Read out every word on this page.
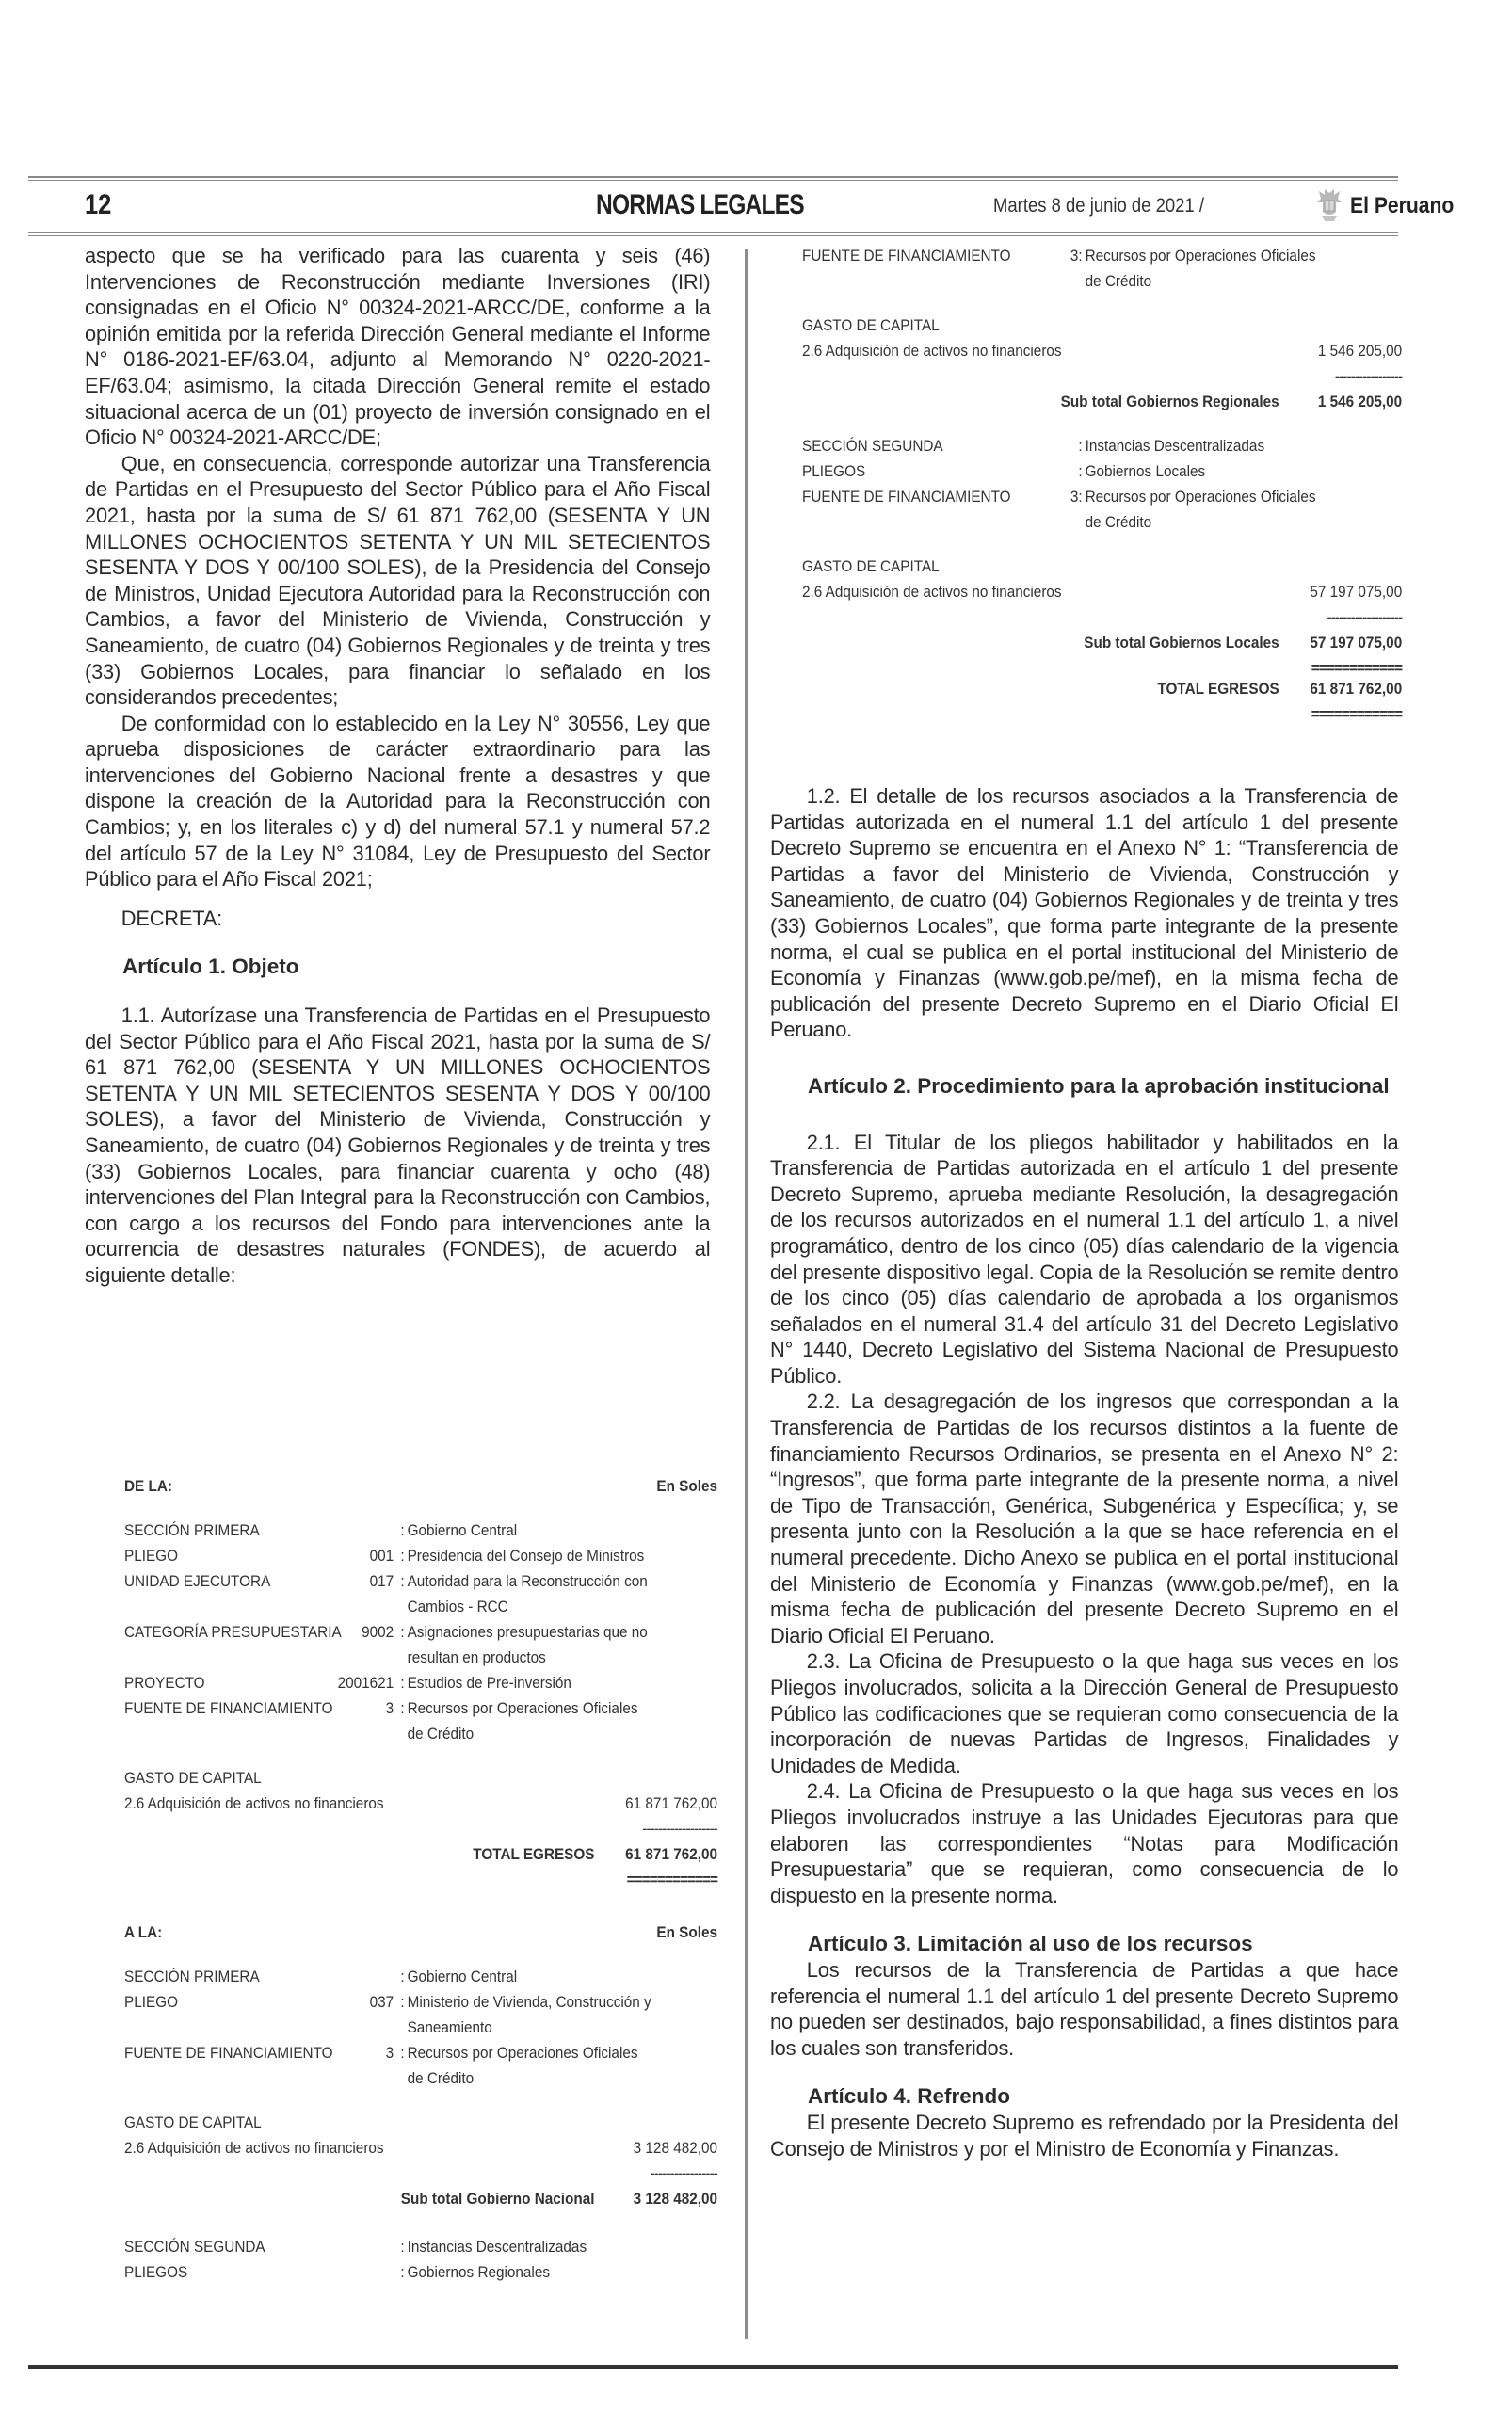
12	NORMAS LEGALES	Martes 8 de junio de 2021 /	El Peruano

aspecto que se ha verificado para las cuarenta y seis (46) Intervenciones de Reconstrucción mediante Inversiones (IRI) consignadas en el Oficio N° 00324-2021-ARCC/DE, conforme a la opinión emitida por la referida Dirección General mediante el Informe N° 0186-2021-EF/63.04, adjunto al Memorando N° 0220-2021-EF/63.04; asimismo, la citada Dirección General remite el estado situacional acerca de un (01) proyecto de inversión consignado en el Oficio N° 00324-2021-ARCC/DE;

Que, en consecuencia, corresponde autorizar una Transferencia de Partidas en el Presupuesto del Sector Público para el Año Fiscal 2021, hasta por la suma de S/ 61 871 762,00 (SESENTA Y UN MILLONES OCHOCIENTOS SETENTA Y UN MIL SETECIENTOS SESENTA Y DOS Y 00/100 SOLES), de la Presidencia del Consejo de Ministros, Unidad Ejecutora Autoridad para la Reconstrucción con Cambios, a favor del Ministerio de Vivienda, Construcción y Saneamiento, de cuatro (04) Gobiernos Regionales y de treinta y tres (33) Gobiernos Locales, para financiar lo señalado en los considerandos precedentes;

De conformidad con lo establecido en la Ley N° 30556, Ley que aprueba disposiciones de carácter extraordinario para las intervenciones del Gobierno Nacional frente a desastres y que dispone la creación de la Autoridad para la Reconstrucción con Cambios; y, en los literales c) y d) del numeral 57.1 y numeral 57.2 del artículo 57 de la Ley N° 31084, Ley de Presupuesto del Sector Público para el Año Fiscal 2021;

DECRETA:

Artículo 1. Objeto

1.1. Autorízase una Transferencia de Partidas en el Presupuesto del Sector Público para el Año Fiscal 2021, hasta por la suma de S/ 61 871 762,00 (SESENTA Y UN MILLONES OCHOCIENTOS SETENTA Y UN MIL SETECIENTOS SESENTA Y DOS Y 00/100 SOLES), a favor del Ministerio de Vivienda, Construcción y Saneamiento, de cuatro (04) Gobiernos Regionales y de treinta y tres (33) Gobiernos Locales, para financiar cuarenta y ocho (48) intervenciones del Plan Integral para la Reconstrucción con Cambios, con cargo a los recursos del Fondo para intervenciones ante la ocurrencia de desastres naturales (FONDES), de acuerdo al siguiente detalle:

DE LA:	En Soles
SECCIÓN PRIMERA	: Gobierno Central
PLIEGO	001 : Presidencia del Consejo de Ministros
UNIDAD EJECUTORA	017 : Autoridad para la Reconstrucción con
Cambios - RCC
CATEGORÍA PRESUPUESTARIA 9002 : Asignaciones presupuestarias que no
resultan en productos
PROYECTO	2001621 : Estudios de Pre-inversión
FUENTE DE FINANCIAMIENTO	3 : Recursos por Operaciones Oficiales
de Crédito
GASTO DE CAPITAL
2.6 Adquisición de activos no financieros	61 871 762,00
-------------------
TOTAL EGRESOS 61 871 762,00
============
A LA:	En Soles
SECCIÓN PRIMERA	: Gobierno Central
PLIEGO	037 : Ministerio de Vivienda, Construcción y
Saneamiento
FUENTE DE FINANCIAMIENTO	3 : Recursos por Operaciones Oficiales
de Crédito
GASTO DE CAPITAL
2.6 Adquisición de activos no financieros	3 128 482,00
-----------------
Sub total Gobierno Nacional 3 128 482,00
SECCIÓN SEGUNDA	: Instancias Descentralizadas
PLIEGOS	: Gobiernos Regionales
FUENTE DE FINANCIAMIENTO	3 : Recursos por Operaciones Oficiales
de Crédito
GASTO DE CAPITAL
2.6 Adquisición de activos no financieros	1 546 205,00
-----------------
Sub total Gobiernos Regionales 1 546 205,00
SECCIÓN SEGUNDA	: Instancias Descentralizadas
PLIEGOS	: Gobiernos Locales
FUENTE DE FINANCIAMIENTO	3 : Recursos por Operaciones Oficiales
de Crédito
GASTO DE CAPITAL
2.6 Adquisición de activos no financieros	57 197 075,00
-------------------
Sub total Gobiernos Locales 57 197 075,00
============
TOTAL EGRESOS 61 871 762,00
============

1.2. El detalle de los recursos asociados a la Transferencia de Partidas autorizada en el numeral 1.1 del artículo 1 del presente Decreto Supremo se encuentra en el Anexo N° 1: “Transferencia de Partidas a favor del Ministerio de Vivienda, Construcción y Saneamiento, de cuatro (04) Gobiernos Regionales y de treinta y tres (33) Gobiernos Locales”, que forma parte integrante de la presente norma, el cual se publica en el portal institucional del Ministerio de Economía y Finanzas (www.gob.pe/mef), en la misma fecha de publicación del presente Decreto Supremo en el Diario Oficial El Peruano.

Artículo 2. Procedimiento para la aprobación institucional

2.1. El Titular de los pliegos habilitador y habilitados en la Transferencia de Partidas autorizada en el artículo 1 del presente Decreto Supremo, aprueba mediante Resolución, la desagregación de los recursos autorizados en el numeral 1.1 del artículo 1, a nivel programático, dentro de los cinco (05) días calendario de la vigencia del presente dispositivo legal. Copia de la Resolución se remite dentro de los cinco (05) días calendario de aprobada a los organismos señalados en el numeral 31.4 del artículo 31 del Decreto Legislativo N° 1440, Decreto Legislativo del Sistema Nacional de Presupuesto Público.

2.2. La desagregación de los ingresos que correspondan a la Transferencia de Partidas de los recursos distintos a la fuente de financiamiento Recursos Ordinarios, se presenta en el Anexo N° 2: “Ingresos”, que forma parte integrante de la presente norma, a nivel de Tipo de Transacción, Genérica, Subgenérica y Específica; y, se presenta junto con la Resolución a la que se hace referencia en el numeral precedente. Dicho Anexo se publica en el portal institucional del Ministerio de Economía y Finanzas (www.gob.pe/mef), en la misma fecha de publicación del presente Decreto Supremo en el Diario Oficial El Peruano.

2.3. La Oficina de Presupuesto o la que haga sus veces en los Pliegos involucrados, solicita a la Dirección General de Presupuesto Público las codificaciones que se requieran como consecuencia de la incorporación de nuevas Partidas de Ingresos, Finalidades y Unidades de Medida.

2.4. La Oficina de Presupuesto o la que haga sus veces en los Pliegos involucrados instruye a las Unidades Ejecutoras para que elaboren las correspondientes “Notas para Modificación Presupuestaria” que se requieran, como consecuencia de lo dispuesto en la presente norma.

Artículo 3. Limitación al uso de los recursos

Los recursos de la Transferencia de Partidas a que hace referencia el numeral 1.1 del artículo 1 del presente Decreto Supremo no pueden ser destinados, bajo responsabilidad, a fines distintos para los cuales son transferidos.

Artículo 4. Refrendo

El presente Decreto Supremo es refrendado por la Presidenta del Consejo de Ministros y por el Ministro de Economía y Finanzas.
